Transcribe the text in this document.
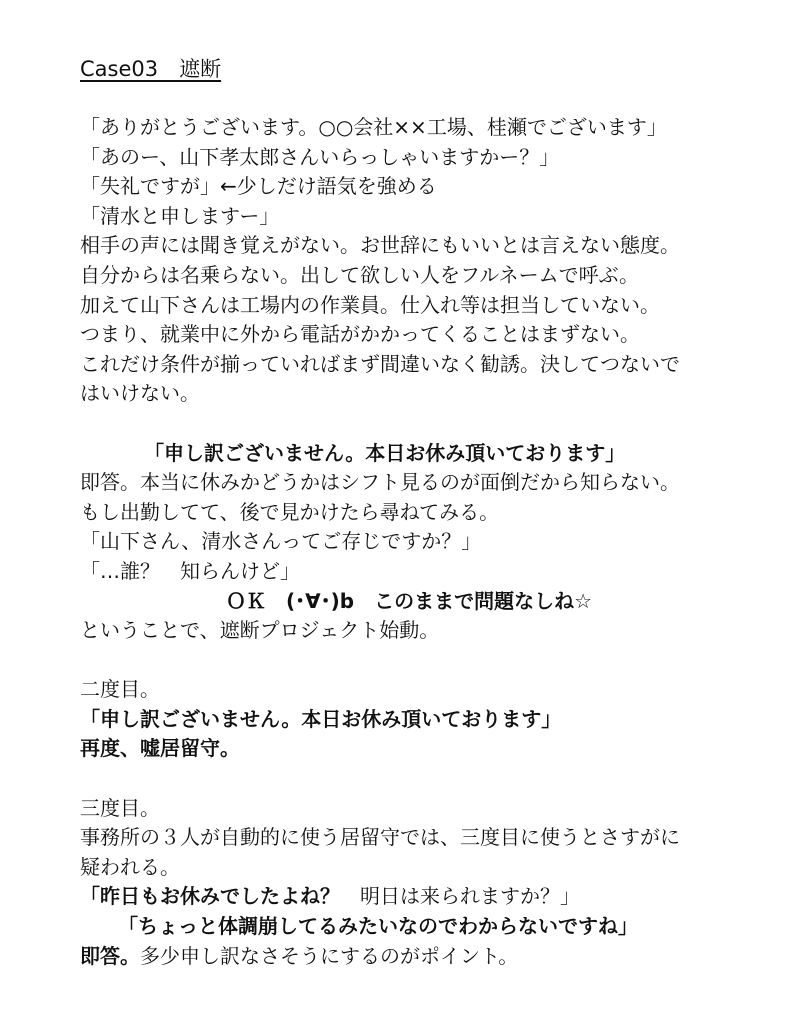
Case03　遮断
「ありがとうございます。○○会社××工場、桂瀬でございます」
「あのー、山下孝太郎さんいらっしゃいますかー？」
「失礼ですが」←少しだけ語気を強める
「清水と申しますー」
相手の声には聞き覚えがない。お世辞にもいいとは言えない態度。
自分からは名乗らない。出して欲しい人をフルネームで呼ぶ。
加えて山下さんは工場内の作業員。仕入れ等は担当していない。
つまり、就業中に外から電話がかかってくることはまずない。
これだけ条件が揃っていればまず間違いなく勧誘。決してつないで
はいけない。
「申し訳ございません。本日お休み頂いております」
即答。本当に休みかどうかはシフト見るのが面倒だから知らない。
もし出勤してて、後で見かけたら尋ねてみる。
「山下さん、清水さんってご存じですか？」
「…誰？　知らんけど」
ＯＫ　(･∀･)b　このままで問題なしね☆
ということで、遮断プロジェクト始動。
二度目。
「申し訳ございません。本日お休み頂いております」
再度、嘘居留守。
三度目。
事務所の３人が自動的に使う居留守では、三度目に使うとさすがに
疑われる。
「昨日もお休みでしたよね？　明日は来られますか？」
「ちょっと体調崩してるみたいなのでわからないですね」
即答。多少申し訳なさそうにするのがポイント。
